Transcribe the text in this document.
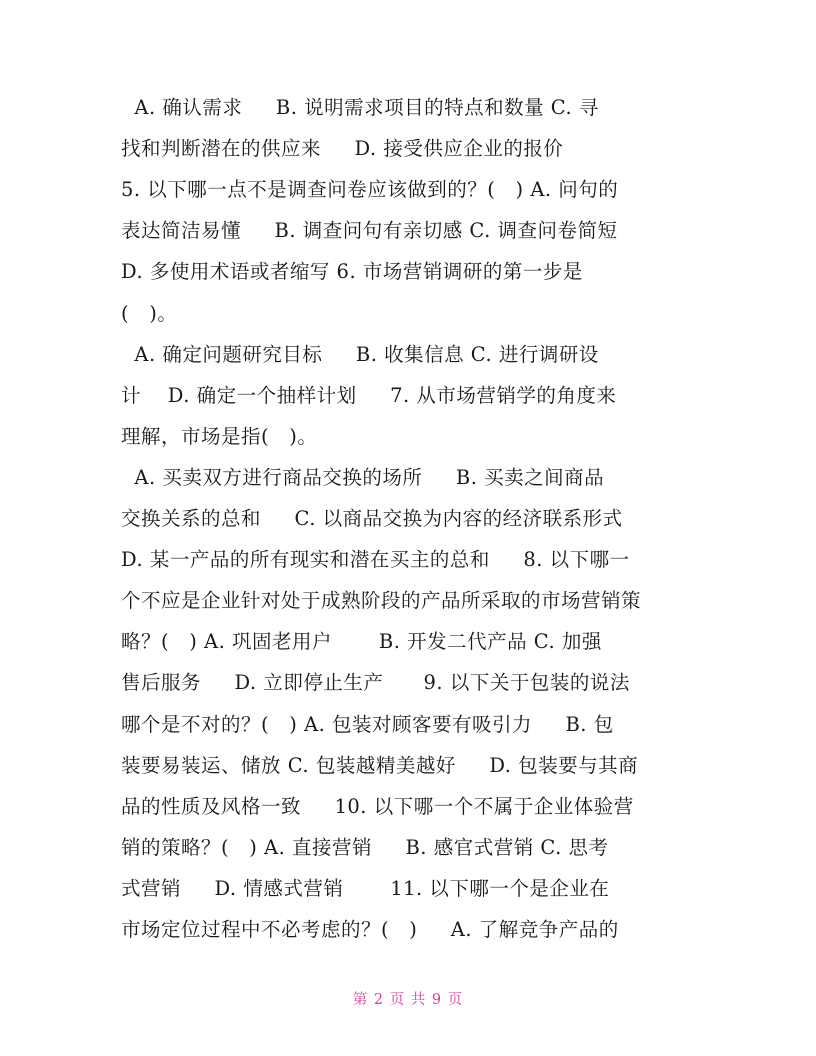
A. 确认需求     B. 说明需求项目的特点和数量 C. 寻
找和判断潜在的供应来     D. 接受供应企业的报价
5. 以下哪一点不是调查问卷应该做到的？(   ) A. 问句的
表达简洁易懂     B. 调查问句有亲切感 C. 调查问卷简短
D. 多使用术语或者缩写 6. 市场营销调研的第一步是
(   )。
A. 确定问题研究目标     B. 收集信息 C. 进行调研设
计    D. 确定一个抽样计划     7. 从市场营销学的角度来
理解，市场是指(   )。
A. 买卖双方进行商品交换的场所     B. 买卖之间商品
交换关系的总和     C. 以商品交换为内容的经济联系形式
D. 某一产品的所有现实和潜在买主的总和     8. 以下哪一
个不应是企业针对处于成熟阶段的产品所采取的市场营销策
略？(   ) A. 巩固老用户       B. 开发二代产品 C. 加强
售后服务     D. 立即停止生产      9. 以下关于包装的说法
哪个是不对的？(   ) A. 包装对顾客要有吸引力     B. 包
装要易装运、储放 C. 包装越精美越好     D. 包装要与其商
品的性质及风格一致     10. 以下哪一个不属于企业体验营
销的策略？(   ) A. 直接营销     B. 感官式营销 C. 思考
式营销     D. 情感式营销       11. 以下哪一个是企业在
市场定位过程中不必考虑的？(   )     A. 了解竞争产品的
第 2 页 共 9 页
